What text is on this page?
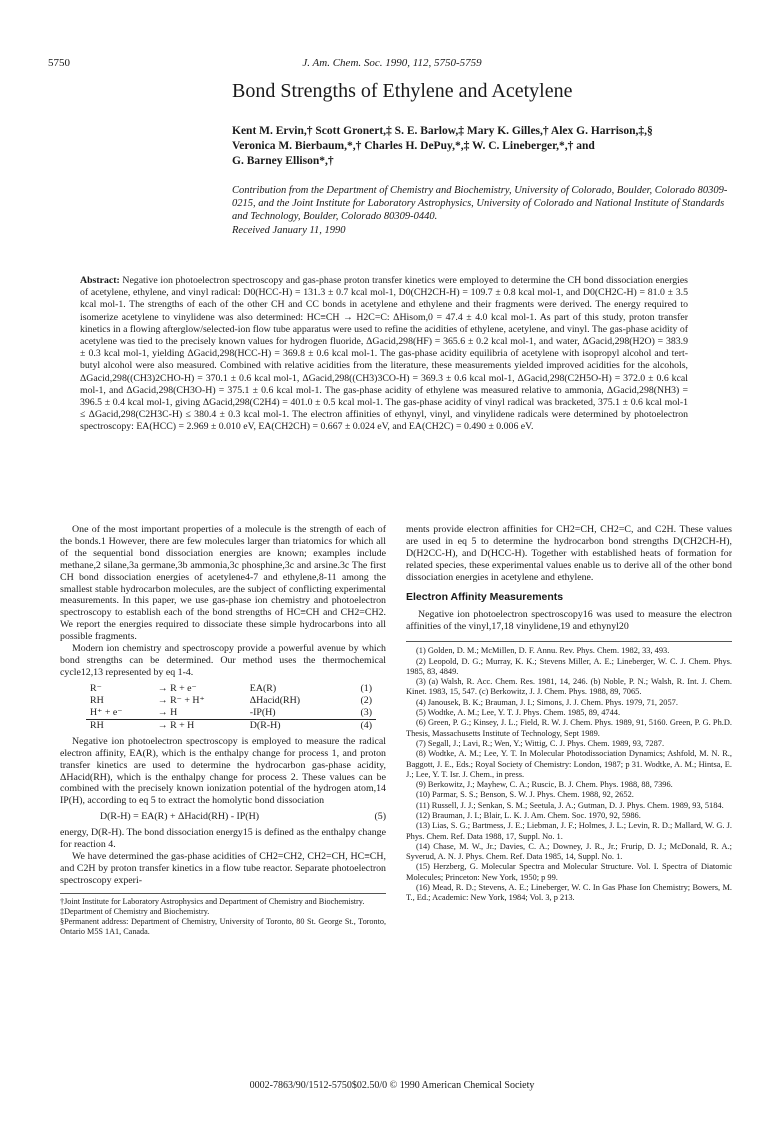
5750	J. Am. Chem. Soc. 1990, 112, 5750-5759
Bond Strengths of Ethylene and Acetylene
Kent M. Ervin,† Scott Gronert,‡ S. E. Barlow,‡ Mary K. Gilles,† Alex G. Harrison,‡,§
Veronica M. Bierbaum,*,† Charles H. DePuy,*,‡ W. C. Lineberger,*,† and
G. Barney Ellison*,†
Contribution from the Department of Chemistry and Biochemistry, University of Colorado, Boulder, Colorado 80309-0215, and the Joint Institute for Laboratory Astrophysics, University of Colorado and National Institute of Standards and Technology, Boulder, Colorado 80309-0440.
Received January 11, 1990
Abstract: Negative ion photoelectron spectroscopy and gas-phase proton transfer kinetics were employed to determine the CH bond dissociation energies of acetylene, ethylene, and vinyl radical: D0(HCC-H) = 131.3 ± 0.7 kcal mol-1, D0(CH2CH-H) = 109.7 ± 0.8 kcal mol-1, and D0(CH2C-H) = 81.0 ± 3.5 kcal mol-1. The strengths of each of the other CH and CC bonds in acetylene and ethylene and their fragments were derived. The energy required to isomerize acetylene to vinylidene was also determined: HC≡CH → H2C=C: ΔHisom,0 = 47.4 ± 4.0 kcal mol-1. As part of this study, proton transfer kinetics in a flowing afterglow/selected-ion flow tube apparatus were used to refine the acidities of ethylene, acetylene, and vinyl. The gas-phase acidity of acetylene was tied to the precisely known values for hydrogen fluoride, ΔGacid,298(HF) = 365.6 ± 0.2 kcal mol-1, and water, ΔGacid,298(H2O) = 383.9 ± 0.3 kcal mol-1, yielding ΔGacid,298(HCC-H) = 369.8 ± 0.6 kcal mol-1. The gas-phase acidity equilibria of acetylene with isopropyl alcohol and tert-butyl alcohol were also measured. Combined with relative acidities from the literature, these measurements yielded improved acidities for the alcohols, ΔGacid,298((CH3)2CHO-H) = 370.1 ± 0.6 kcal mol-1, ΔGacid,298((CH3)3CO-H) = 369.3 ± 0.6 kcal mol-1, ΔGacid,298(C2H5O-H) = 372.0 ± 0.6 kcal mol-1, and ΔGacid,298(CH3O-H) = 375.1 ± 0.6 kcal mol-1. The gas-phase acidity of ethylene was measured relative to ammonia, ΔGacid,298(NH3) = 396.5 ± 0.4 kcal mol-1, giving ΔGacid,298(C2H4) = 401.0 ± 0.5 kcal mol-1. The gas-phase acidity of vinyl radical was bracketed, 375.1 ± 0.6 kcal mol-1 ≤ ΔGacid,298(C2H3C-H) ≤ 380.4 ± 0.3 kcal mol-1. The electron affinities of ethynyl, vinyl, and vinylidene radicals were determined by photoelectron spectroscopy: EA(HCC) = 2.969 ± 0.010 eV, EA(CH2CH) = 0.667 ± 0.024 eV, and EA(CH2C) = 0.490 ± 0.006 eV.

One of the most important properties of a molecule is the strength of each of the bonds.1 However, there are few molecules larger than triatomics for which all of the sequential bond dissociation energies are known; examples include methane,2 silane,3a germane,3b ammonia,3c phosphine,3c and arsine.3c The first CH bond dissociation energies of acetylene4-7 and ethylene,8-11 among the smallest stable hydrocarbon molecules, are the subject of conflicting experimental measurements. In this paper, we use gas-phase ion chemistry and photoelectron spectroscopy to establish each of the bond strengths of HC≡CH and CH2=CH2. We report the energies required to dissociate these simple hydrocarbons into all possible fragments.

Modern ion chemistry and spectroscopy provide a powerful avenue by which bond strengths can be determined. Our method uses the thermochemical cycle12,13 represented by eq 1-4.

R⁻	→ R + e⁻	EA(R)	(1)
RH	→ R⁻ + H⁺	ΔHacid(RH)	(2)
H⁺ + e⁻	→ H	-IP(H)	(3)
RH	→ R + H	D(R-H)	(4)

Negative ion photoelectron spectroscopy is employed to measure the radical electron affinity, EA(R), which is the enthalpy change for process 1, and proton transfer kinetics are used to determine the hydrocarbon gas-phase acidity, ΔHacid(RH), which is the enthalpy change for process 2. These values can be combined with the precisely known ionization potential of the hydrogen atom,14 IP(H), according to eq 5 to extract the homolytic bond dissociation

D(R-H) = EA(R) + ΔHacid(RH) - IP(H)	(5)

energy, D(R-H). The bond dissociation energy15 is defined as the enthalpy change for reaction 4.

We have determined the gas-phase acidities of CH2=CH2, CH2=CH, HC≡CH, and C2H by proton transfer kinetics in a flow tube reactor. Separate photoelectron spectroscopy experi-

†Joint Institute for Laboratory Astrophysics and Department of Chemistry and Biochemistry.
‡Department of Chemistry and Biochemistry.
§Permanent address: Department of Chemistry, University of Toronto, 80 St. George St., Toronto, Ontario M5S 1A1, Canada.

ments provide electron affinities for CH2=CH, CH2=C, and C2H. These values are used in eq 5 to determine the hydrocarbon bond strengths D(CH2CH-H), D(H2CC-H), and D(HCC-H). Together with established heats of formation for related species, these experimental values enable us to derive all of the other bond dissociation energies in acetylene and ethylene.

Electron Affinity Measurements

Negative ion photoelectron spectroscopy16 was used to measure the electron affinities of the vinyl,17,18 vinylidene,19 and ethynyl20

(1) Golden, D. M.; McMillen, D. F. Annu. Rev. Phys. Chem. 1982, 33, 493.
(2) Leopold, D. G.; Murray, K. K.; Stevens Miller, A. E.; Lineberger, W. C. J. Chem. Phys. 1985, 83, 4849.
(3) (a) Walsh, R. Acc. Chem. Res. 1981, 14, 246. (b) Noble, P. N.; Walsh, R. Int. J. Chem. Kinet. 1983, 15, 547. (c) Berkowitz, J. J. Chem. Phys. 1988, 89, 7065.
(4) Janousek, B. K.; Brauman, J. I.; Simons, J. J. Chem. Phys. 1979, 71, 2057.
(5) Wodtke, A. M.; Lee, Y. T. J. Phys. Chem. 1985, 89, 4744.
(6) Green, P. G.; Kinsey, J. L.; Field, R. W. J. Chem. Phys. 1989, 91, 5160. Green, P. G. Ph.D. Thesis, Massachusetts Institute of Technology, Sept 1989.
(7) Segall, J.; Lavi, R.; Wen, Y.; Wittig, C. J. Phys. Chem. 1989, 93, 7287.
(8) Wodtke, A. M.; Lee, Y. T. In Molecular Photodissociation Dynamics; Ashfold, M. N. R., Baggott, J. E., Eds.; Royal Society of Chemistry: London, 1987; p 31. Wodtke, A. M.; Hintsa, E. J.; Lee, Y. T. Isr. J. Chem., in press.
(9) Berkowitz, J.; Mayhew, C. A.; Ruscic, B. J. Chem. Phys. 1988, 88, 7396.
(10) Parmar, S. S.; Benson, S. W. J. Phys. Chem. 1988, 92, 2652.
(11) Russell, J. J.; Senkan, S. M.; Seetula, J. A.; Gutman, D. J. Phys. Chem. 1989, 93, 5184.
(12) Brauman, J. I.; Blair, L. K. J. Am. Chem. Soc. 1970, 92, 5986.
(13) Lias, S. G.; Bartmess, J. E.; Liebman, J. F.; Holmes, J. L.; Levin, R. D.; Mallard, W. G. J. Phys. Chem. Ref. Data 1988, 17, Suppl. No. 1.
(14) Chase, M. W., Jr.; Davies, C. A.; Downey, J. R., Jr.; Frurip, D. J.; McDonald, R. A.; Syverud, A. N. J. Phys. Chem. Ref. Data 1985, 14, Suppl. No. 1.
(15) Herzberg, G. Molecular Spectra and Molecular Structure. Vol. I. Spectra of Diatomic Molecules; Princeton: New York, 1950; p 99.
(16) Mead, R. D.; Stevens, A. E.; Lineberger, W. C. In Gas Phase Ion Chemistry; Bowers, M. T., Ed.; Academic: New York, 1984; Vol. 3, p 213.
0002-7863/90/1512-5750$02.50/0 © 1990 American Chemical Society
